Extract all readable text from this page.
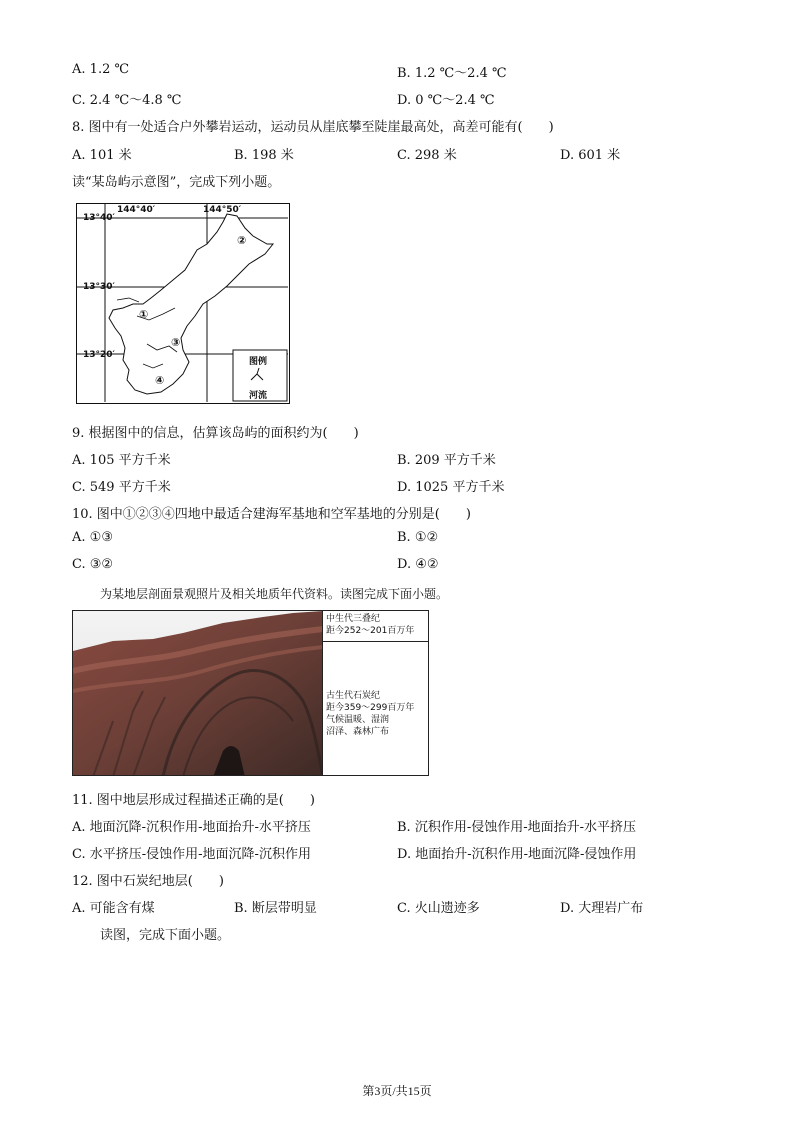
A. 1.2 ℃	B. 1.2 ℃～2.4 ℃
C. 2.4 ℃～4.8 ℃	D. 0 ℃～2.4 ℃
8. 图中有一处适合户外攀岩运动，运动员从崖底攀至陡崖最高处，高差可能有(　　)
A. 101 米	B. 198 米	C. 298 米	D. 601 米
读“某岛屿示意图”，完成下列小题。
144°40′	144°50′
13°40′
13°30′
13°20′
①
②
③
④
图例
河流
9. 根据图中的信息，估算该岛屿的面积约为(　　)
A. 105 平方千米	B. 209 平方千米
C. 549 平方千米	D. 1025 平方千米
10. 图中①②③④四地中最适合建海军基地和空军基地的分别是(　　)
A. ①③	B. ①②
C. ③②	D. ④②
为某地层剖面景观照片及相关地质年代资料。读图完成下面小题。
中生代三叠纪
距今252～201百万年
古生代石炭纪
距今359～299百万年
气候温暖、湿润
沼泽、森林广布
11. 图中地层形成过程描述正确的是(　　)
A. 地面沉降-沉积作用-地面抬升-水平挤压	B. 沉积作用-侵蚀作用-地面抬升-水平挤压
C. 水平挤压-侵蚀作用-地面沉降-沉积作用	D. 地面抬升-沉积作用-地面沉降-侵蚀作用
12. 图中石炭纪地层(　　)
A. 可能含有煤	B. 断层带明显	C. 火山遗迹多	D. 大理岩广布
读图，完成下面小题。
第3页/共15页
